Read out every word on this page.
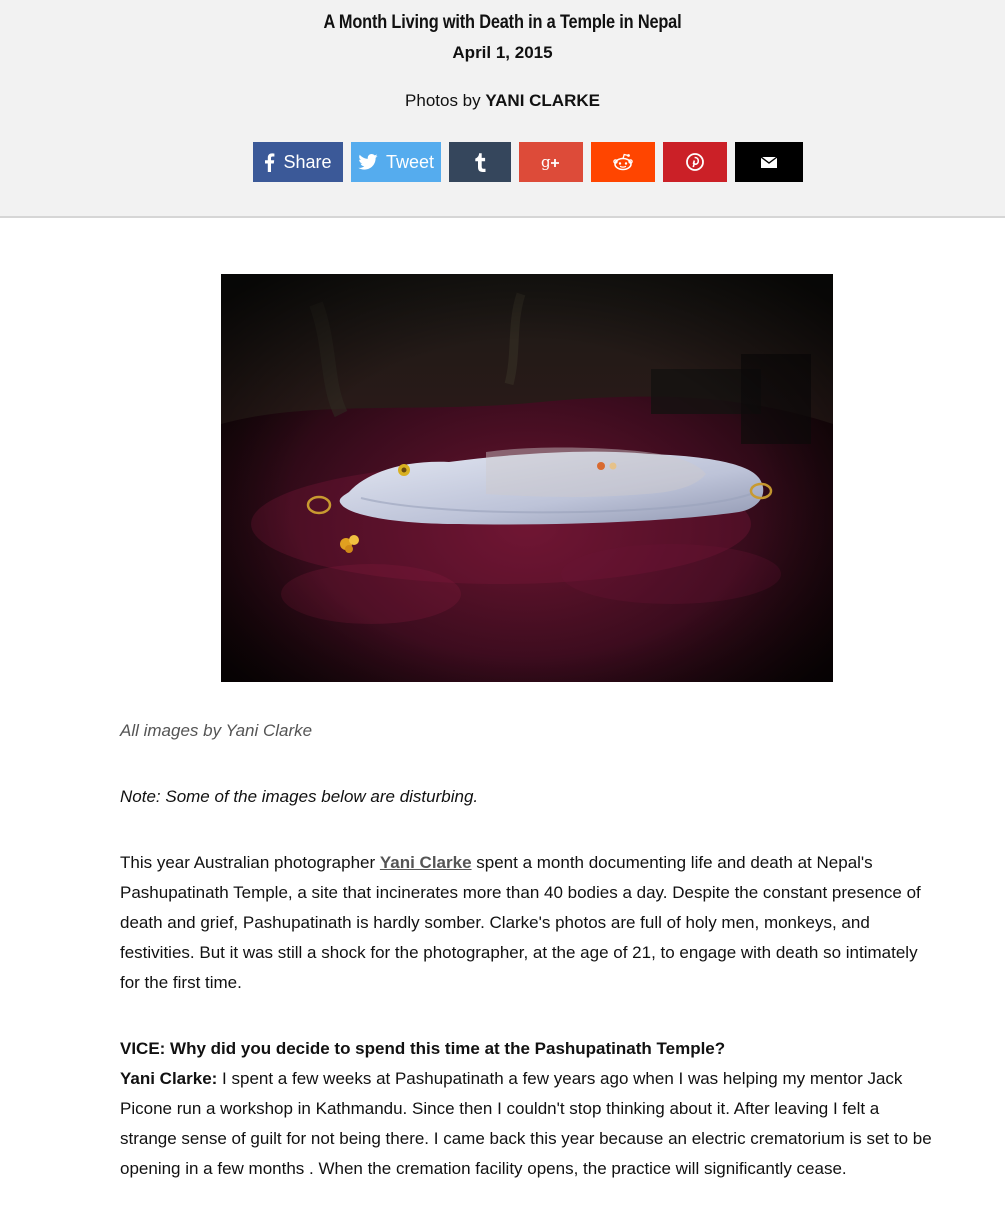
A Month Living with Death in a Temple in Nepal
April 1, 2015
Photos by YANI CLARKE
Share	Tweet	g
All images by Yani Clarke
Note: Some of the images below are disturbing.

This year Australian photographer Yani Clarke spent a month documenting life and death at Nepal's Pashupatinath Temple, a site that incinerates more than 40 bodies a day. Despite the constant presence of death and grief, Pashupatinath is hardly somber. Clarke's photos are full of holy men, monkeys, and festivities. But it was still a shock for the photographer, at the age of 21, to engage with death so intimately for the first time.

VICE: Why did you decide to spend this time at the Pashupatinath Temple?
Yani Clarke: I spent a few weeks at Pashupatinath a few years ago when I was helping my mentor Jack Picone run a workshop in Kathmandu. Since then I couldn't stop thinking about it. After leaving I felt a strange sense of guilt for not being there. I came back this year because an electric crematorium is set to be opening in a few months . When the cremation facility opens, the practice will significantly cease.
